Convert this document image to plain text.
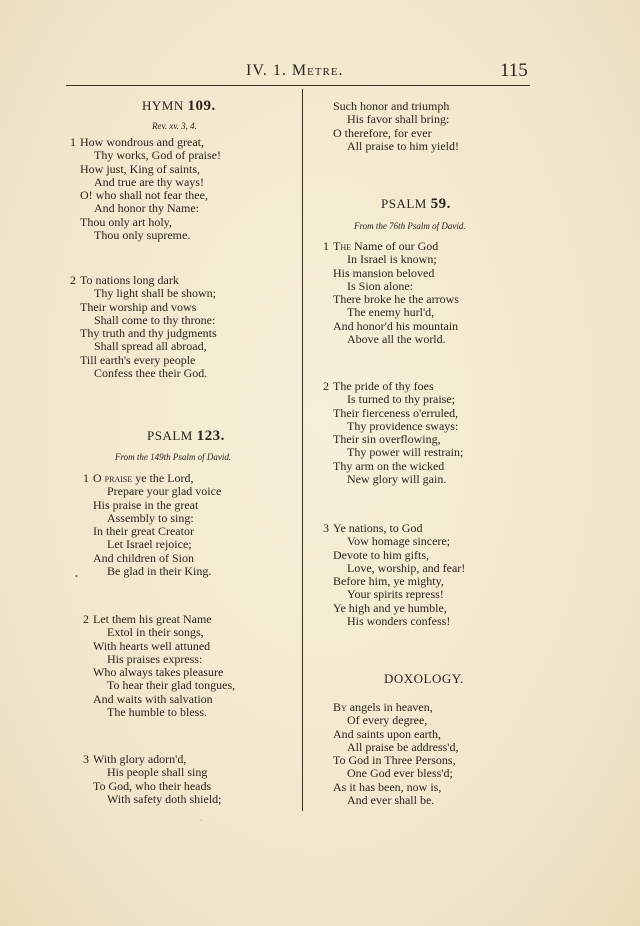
IV. 1. Metre.	115
HYMN 109.
Rev. xv. 3, 4.
1 How wondrous and great,
Thy works, God of praise!
How just, King of saints,
And true are thy ways!
O! who shall not fear thee,
And honor thy Name:
Thou only art holy,
Thou only supreme.
2 To nations long dark
Thy light shall be shown;
Their worship and vows
Shall come to thy throne:
Thy truth and thy judgments
Shall spread all abroad,
Till earth's every people
Confess thee their God.
PSALM 123.
From the 149th Psalm of David.
1 O praise ye the Lord,
Prepare your glad voice
His praise in the great
Assembly to sing:
In their great Creator
Let Israel rejoice;
And children of Sion
Be glad in their King.
•
2 Let them his great Name
Extol in their songs,
With hearts well attuned
His praises express:
Who always takes pleasure
To hear their glad tongues,
And waits with salvation
The humble to bless.
3 With glory adorn'd,
His people shall sing
To God, who their heads
With safety doth shield;
ˎ
Such honor and triumph
His favor shall bring:
O therefore, for ever
All praise to him yield!
PSALM 59.
From the 76th Psalm of David.
1 The Name of our God
In Israel is known;
His mansion beloved
Is Sion alone:
There broke he the arrows
The enemy hurl'd,
And honor'd his mountain
Above all the world.
2 The pride of thy foes
Is turned to thy praise;
Their fierceness o'erruled,
Thy providence sways:
Their sin overflowing,
Thy power will restrain;
Thy arm on the wicked
New glory will gain.
3 Ye nations, to God
Vow homage sincere;
Devote to him gifts,
Love, worship, and fear!
Before him, ye mighty,
Your spirits repress!
Ye high and ye humble,
His wonders confess!
DOXOLOGY.
By angels in heaven,
Of every degree,
And saints upon earth,
All praise be address'd,
To God in Three Persons,
One God ever bless'd;
As it has been, now is,
And ever shall be.
